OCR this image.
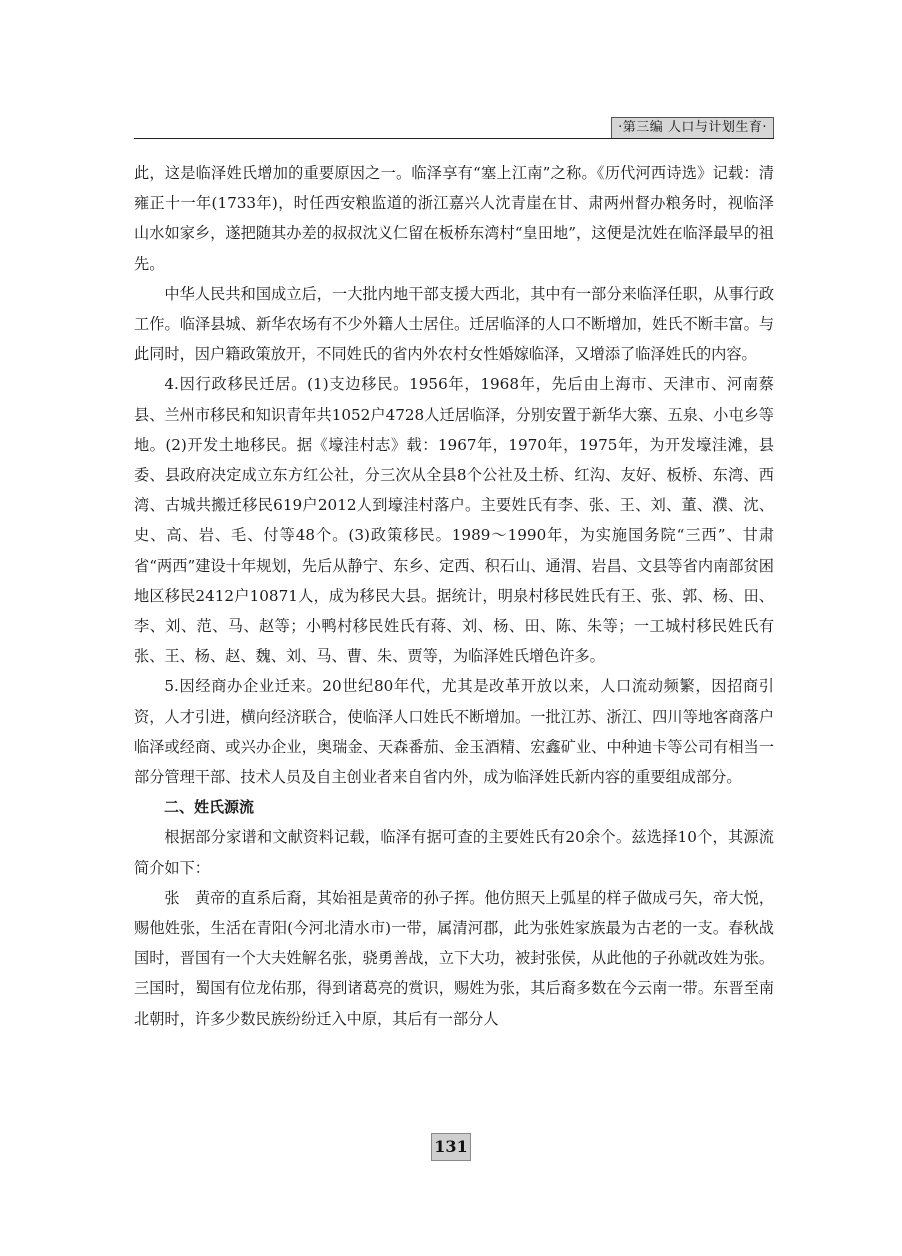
·第三编 人口与计划生育·

此，这是临泽姓氏增加的重要原因之一。临泽享有“塞上江南”之称。《历代河西诗选》记载：清雍正十一年(1733年)，时任西安粮监道的浙江嘉兴人沈青崖在甘、肃两州督办粮务时，视临泽山水如家乡，遂把随其办差的叔叔沈义仁留在板桥东湾村“皇田地”，这便是沈姓在临泽最早的祖先。

中华人民共和国成立后，一大批内地干部支援大西北，其中有一部分来临泽任职，从事行政工作。临泽县城、新华农场有不少外籍人士居住。迁居临泽的人口不断增加，姓氏不断丰富。与此同时，因户籍政策放开，不同姓氏的省内外农村女性婚嫁临泽，又增添了临泽姓氏的内容。

4.因行政移民迁居。(1)支边移民。1956年，1968年，先后由上海市、天津市、河南蔡县、兰州市移民和知识青年共1052户4728人迁居临泽，分别安置于新华大寨、五泉、小屯乡等地。(2)开发土地移民。据《壕洼村志》载：1967年，1970年，1975年，为开发壕洼滩，县委、县政府决定成立东方红公社，分三次从全县8个公社及土桥、红沟、友好、板桥、东湾、西湾、古城共搬迁移民619户2012人到壕洼村落户。主要姓氏有李、张、王、刘、董、濮、沈、史、高、岩、毛、付等48个。(3)政策移民。1989～1990年，为实施国务院“三西”、甘肃省“两西”建设十年规划，先后从静宁、东乡、定西、积石山、通渭、岩昌、文县等省内南部贫困地区移民2412户10871人，成为移民大县。据统计，明泉村移民姓氏有王、张、郭、杨、田、李、刘、范、马、赵等；小鸭村移民姓氏有蒋、刘、杨、田、陈、朱等；一工城村移民姓氏有张、王、杨、赵、魏、刘、马、曹、朱、贾等，为临泽姓氏增色许多。

5.因经商办企业迁来。20世纪80年代，尤其是改革开放以来，人口流动频繁，因招商引资，人才引进，横向经济联合，使临泽人口姓氏不断增加。一批江苏、浙江、四川等地客商落户临泽或经商、或兴办企业，奥瑞金、天森番茄、金玉酒精、宏鑫矿业、中种迪卡等公司有相当一部分管理干部、技术人员及自主创业者来自省内外，成为临泽姓氏新内容的重要组成部分。

二、姓氏源流

根据部分家谱和文献资料记载，临泽有据可查的主要姓氏有20余个。兹选择10个，其源流简介如下：

张　黄帝的直系后裔，其始祖是黄帝的孙子挥。他仿照天上弧星的样子做成弓矢，帝大悦，赐他姓张，生活在青阳(今河北清水市)一带，属清河郡，此为张姓家族最为古老的一支。春秋战国时，晋国有一个大夫姓解名张，骁勇善战，立下大功，被封张侯，从此他的子孙就改姓为张。三国时，蜀国有位龙佑那，得到诸葛亮的赏识，赐姓为张，其后裔多数在今云南一带。东晋至南北朝时，许多少数民族纷纷迁入中原，其后有一部分人

131
